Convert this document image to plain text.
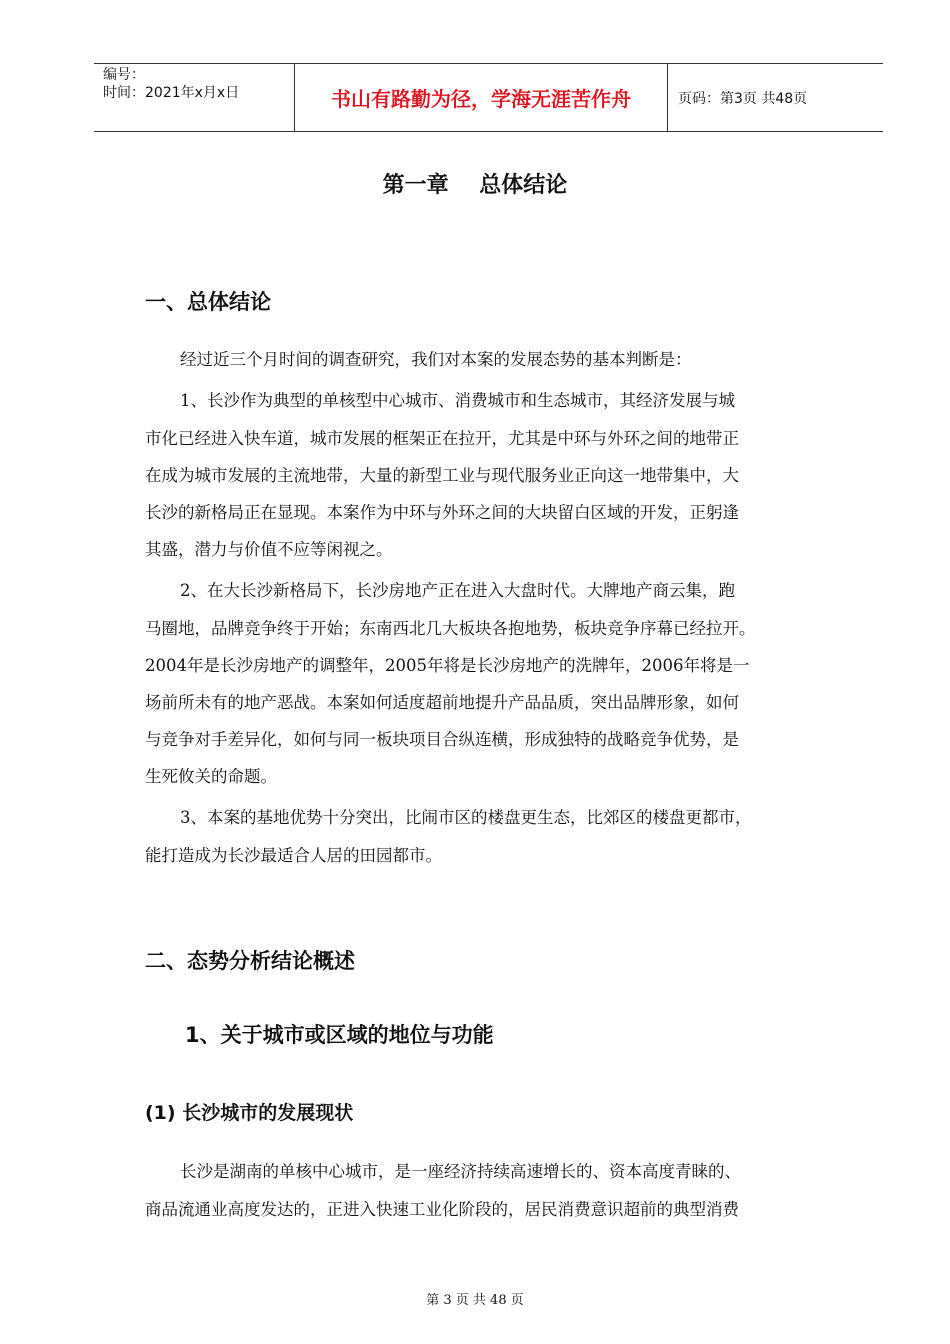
编号：
时间：2021年x月x日	书山有路勤为径，学海无涯苦作舟	页码：第3页 共48页
第一章    总体结论
一、总体结论
经过近三个月时间的调查研究，我们对本案的发展态势的基本判断是：
1、长沙作为典型的单核型中心城市、消费城市和生态城市，其经济发展与城
市化已经进入快车道，城市发展的框架正在拉开，尤其是中环与外环之间的地带正
在成为城市发展的主流地带，大量的新型工业与现代服务业正向这一地带集中，大
长沙的新格局正在显现。本案作为中环与外环之间的大块留白区域的开发，正躬逢
其盛，潜力与价值不应等闲视之。
2、在大长沙新格局下，长沙房地产正在进入大盘时代。大牌地产商云集，跑
马圈地，品牌竞争终于开始；东南西北几大板块各抱地势，板块竞争序幕已经拉开。
2004年是长沙房地产的调整年，2005年将是长沙房地产的洗牌年，2006年将是一
场前所未有的地产恶战。本案如何适度超前地提升产品品质，突出品牌形象，如何
与竞争对手差异化，如何与同一板块项目合纵连横，形成独特的战略竞争优势，是
生死攸关的命题。
3、本案的基地优势十分突出，比闹市区的楼盘更生态，比郊区的楼盘更都市，
能打造成为长沙最适合人居的田园都市。
二、态势分析结论概述
1、关于城市或区域的地位与功能
(1) 长沙城市的发展现状
长沙是湖南的单核中心城市，是一座经济持续高速增长的、资本高度青睐的、
商品流通业高度发达的，正进入快速工业化阶段的，居民消费意识超前的典型消费
第 3 页 共 48 页
